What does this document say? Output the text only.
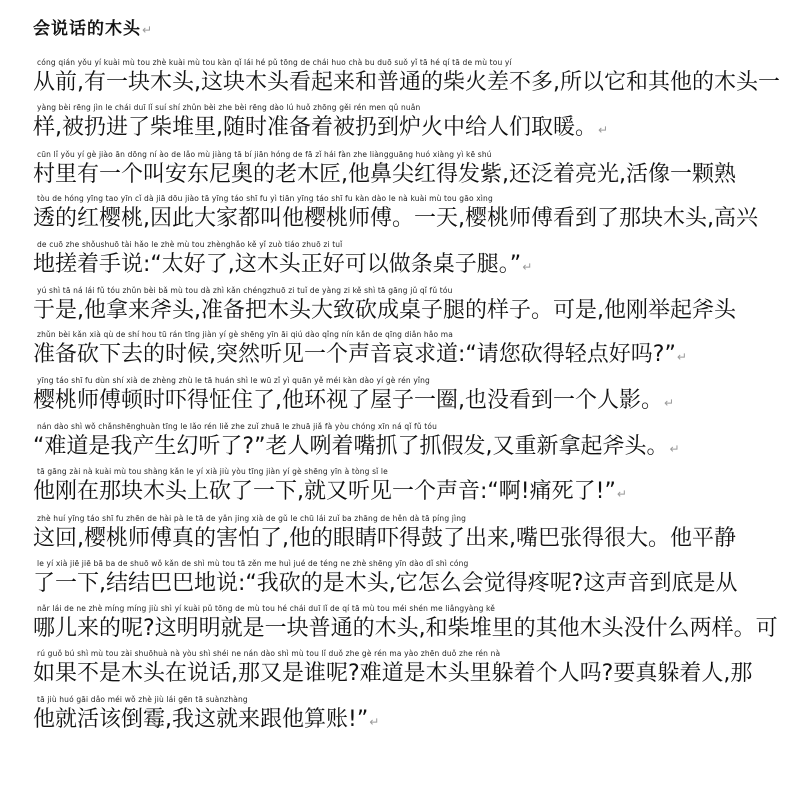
会说话的木头↵
cóng qián yǒu yí kuài mù tou zhè kuài mù tou kàn qǐ lái hé pǔ tōng de chái huo chà bu duō suǒ yǐ tā hé qí tā de mù tou yí
从前,有一块木头,这块木头看起来和普通的柴火差不多,所以它和其他的木头一
yàng bèi rēng jìn le chái duī lǐ suí shí zhǔn bèi zhe bèi rēng dào lú huǒ zhōng gěi rén men qǔ nuǎn
样,被扔进了柴堆里,随时准备着被扔到炉火中给人们取暖。↵
cūn lǐ yǒu yí gè jiào ān dōng ní ào de lǎo mù jiàng tā bí jiān hóng de fā zǐ hái fàn zhe liàngguāng huó xiàng yì kē shú
村里有一个叫安东尼奥的老木匠,他鼻尖红得发紫,还泛着亮光,活像一颗熟
tòu de hóng yīng tao yīn cǐ dà jiā dōu jiào tā yīng táo shī fu yì tiān yīng táo shī fu kàn dào le nà kuài mù tou gāo xìng
透的红樱桃,因此大家都叫他樱桃师傅。一天,樱桃师傅看到了那块木头,高兴
de cuō zhe shǒushuō tài hǎo le zhè mù tou zhènghǎo kě yǐ zuò tiáo zhuō zi tuǐ
地搓着手说:“太好了,这木头正好可以做条桌子腿。”↵
yú shì tā ná lái fǔ tóu zhǔn bèi bǎ mù tou dà zhì kǎn chéngzhuō zi tuǐ de yàng zi kě shì tā gāng jǔ qǐ fǔ tóu
于是,他拿来斧头,准备把木头大致砍成桌子腿的样子。可是,他刚举起斧头
zhǔn bèi kǎn xià qù de shí hou tū rán tīng jiàn yí gè shēng yīn āi qiú dào qǐng nín kǎn de qīng diǎn hǎo ma
准备砍下去的时候,突然听见一个声音哀求道:“请您砍得轻点好吗?”↵
yīng táo shī fu dùn shí xià de zhèng zhù le tā huán shì le wū zǐ yì quān yě méi kàn dào yí gè rén yǐng
樱桃师傅顿时吓得怔住了,他环视了屋子一圈,也没看到一个人影。↵
nán dào shì wǒ chǎnshēnghuàn tīng le lǎo rén liě zhe zuǐ zhuā le zhuā jiǎ fà yòu chóng xīn ná qǐ fǔ tóu
“难道是我产生幻听了?”老人咧着嘴抓了抓假发,又重新拿起斧头。↵
tā gāng zài nà kuài mù tou shàng kǎn le yí xià jiù yòu tīng jiàn yí gè shēng yīn à tòng sǐ le
他刚在那块木头上砍了一下,就又听见一个声音:“啊!痛死了!”↵
zhè huí yīng táo shī fu zhēn de hài pà le tā de yǎn jing xià de gǔ le chū lái zuǐ ba zhāng de hěn dà tā píng jìng
这回,樱桃师傅真的害怕了,他的眼睛吓得鼓了出来,嘴巴张得很大。他平静
le yí xià jiē jiē bā ba de shuō wǒ kǎn de shì mù tou tā zěn me huì jué de téng ne zhè shēng yīn dào dǐ shì cóng
了一下,结结巴巴地说:“我砍的是木头,它怎么会觉得疼呢?这声音到底是从
nǎr lái de ne zhè míng míng jiù shì yí kuài pǔ tōng de mù tou hé chái duī lǐ de qí tā mù tou méi shén me liǎngyàng kě
哪儿来的呢?这明明就是一块普通的木头,和柴堆里的其他木头没什么两样。可
rú guǒ bú shì mù tou zài shuōhuà nà yòu shì shéi ne nán dào shì mù tou lǐ duǒ zhe gè rén ma yào zhēn duǒ zhe rén nà
如果不是木头在说话,那又是谁呢?难道是木头里躲着个人吗?要真躲着人,那
tā jiù huó gāi dǎo méi wǒ zhè jiù lái gēn tā suànzhàng
他就活该倒霉,我这就来跟他算账!”↵
